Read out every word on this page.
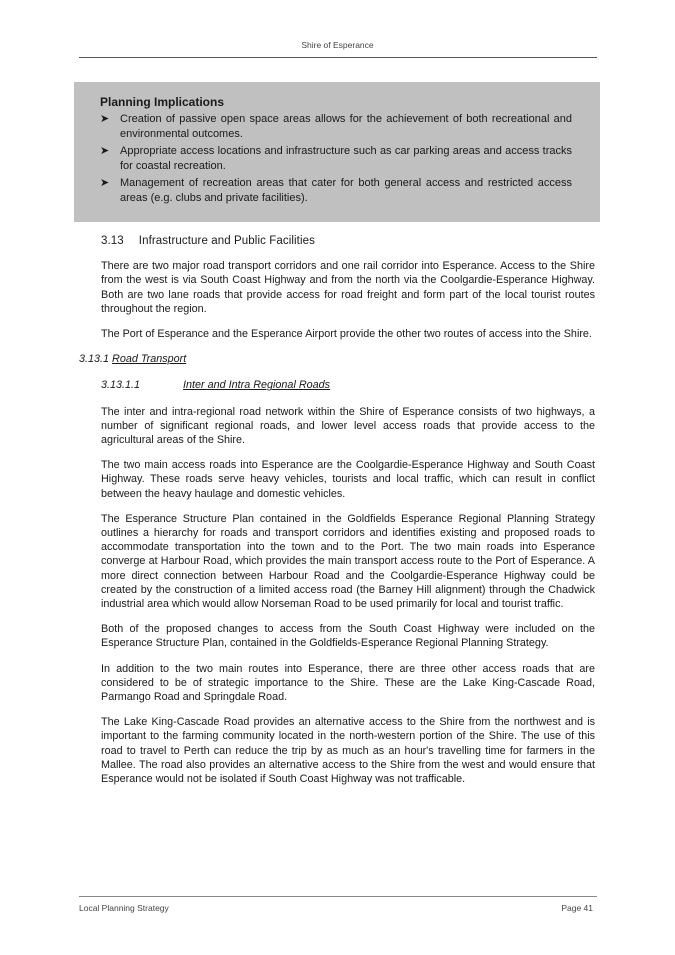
Shire of Esperance
Planning Implications
➤ Creation of passive open space areas allows for the achievement of both recreational and environmental outcomes.
➤ Appropriate access locations and infrastructure such as car parking areas and access tracks for coastal recreation.
➤ Management of recreation areas that cater for both general access and restricted access areas (e.g. clubs and private facilities).
3.13 Infrastructure and Public Facilities

There are two major road transport corridors and one rail corridor into Esperance. Access to the Shire from the west is via South Coast Highway and from the north via the Coolgardie-Esperance Highway. Both are two lane roads that provide access for road freight and form part of the local tourist routes throughout the region.

The Port of Esperance and the Esperance Airport provide the other two routes of access into the Shire.

3.13.1 Road Transport
3.13.1.1	Inter and Intra Regional Roads

The inter and intra-regional road network within the Shire of Esperance consists of two highways, a number of significant regional roads, and lower level access roads that provide access to the agricultural areas of the Shire.

The two main access roads into Esperance are the Coolgardie-Esperance Highway and South Coast Highway. These roads serve heavy vehicles, tourists and local traffic, which can result in conflict between the heavy haulage and domestic vehicles.

The Esperance Structure Plan contained in the Goldfields Esperance Regional Planning Strategy outlines a hierarchy for roads and transport corridors and identifies existing and proposed roads to accommodate transportation into the town and to the Port. The two main roads into Esperance converge at Harbour Road, which provides the main transport access route to the Port of Esperance. A more direct connection between Harbour Road and the Coolgardie-Esperance Highway could be created by the construction of a limited access road (the Barney Hill alignment) through the Chadwick industrial area which would allow Norseman Road to be used primarily for local and tourist traffic.

Both of the proposed changes to access from the South Coast Highway were included on the Esperance Structure Plan, contained in the Goldfields-Esperance Regional Planning Strategy.

In addition to the two main routes into Esperance, there are three other access roads that are considered to be of strategic importance to the Shire. These are the Lake King-Cascade Road, Parmango Road and Springdale Road.

The Lake King-Cascade Road provides an alternative access to the Shire from the northwest and is important to the farming community located in the north-western portion of the Shire. The use of this road to travel to Perth can reduce the trip by as much as an hour's travelling time for farmers in the Mallee. The road also provides an alternative access to the Shire from the west and would ensure that Esperance would not be isolated if South Coast Highway was not trafficable.

Local Planning Strategy	Page 41
